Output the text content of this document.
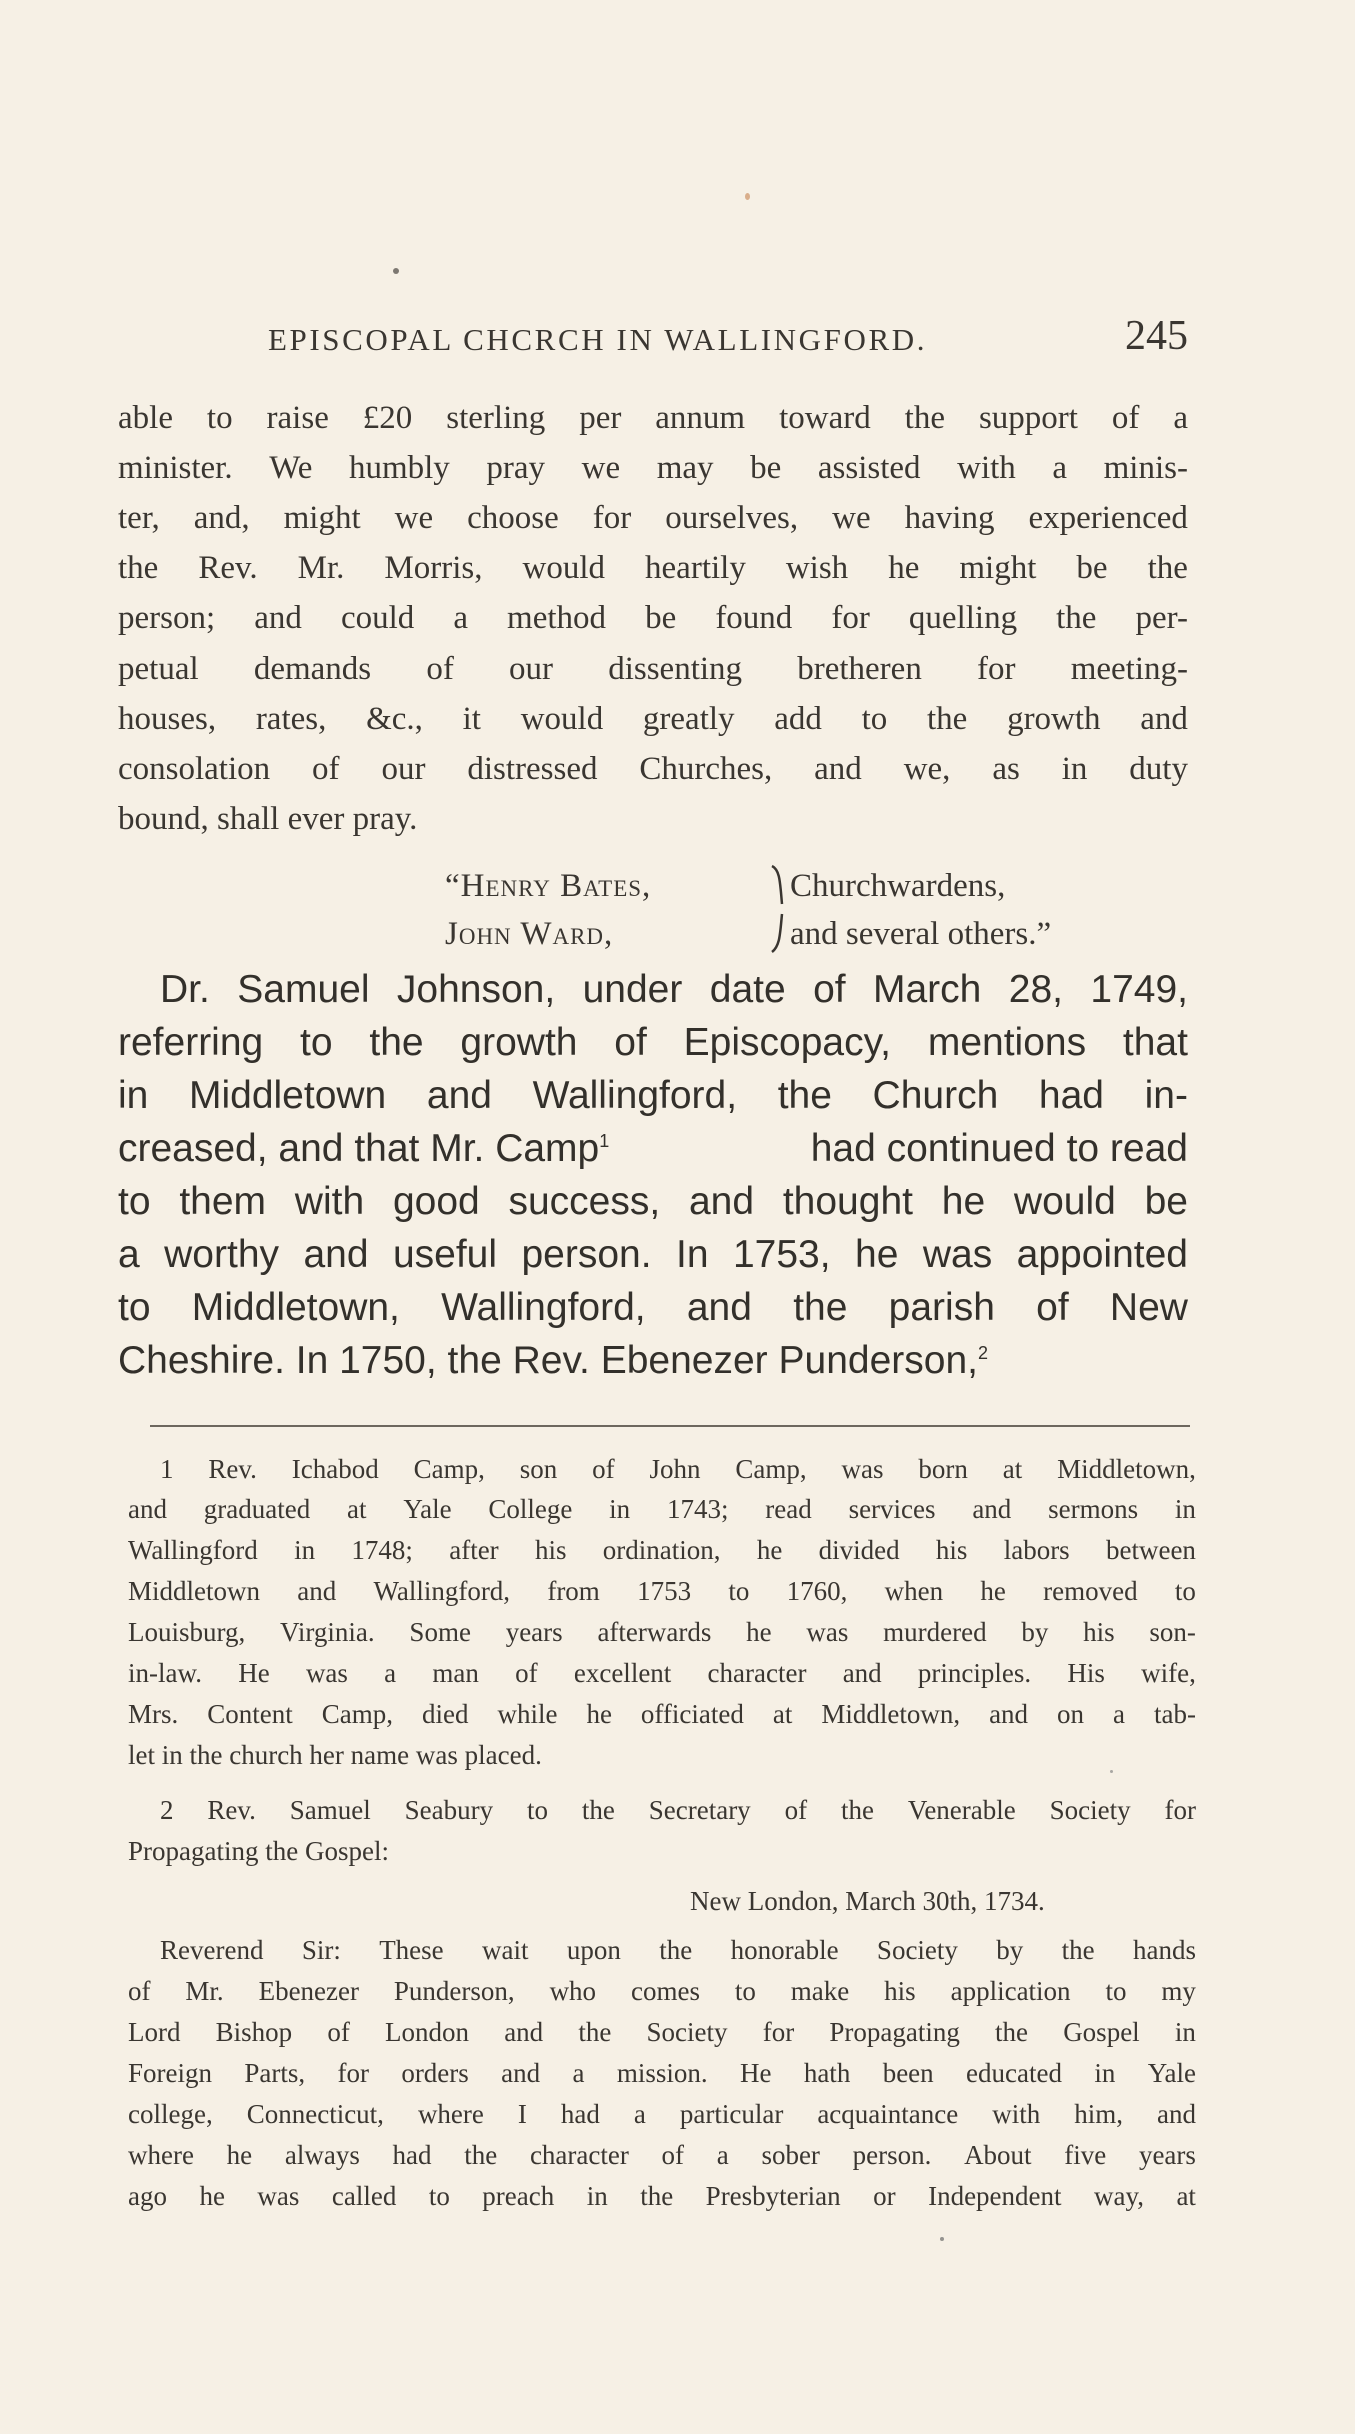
EPISCOPAL CHCRCH IN WALLINGFORD.	245
able to raise £20 sterling per annum toward the support of a
minister. We humbly pray we may be assisted with a minis-
ter, and, might we choose for ourselves, we having experienced
the Rev. Mr. Morris, would heartily wish he might be the
person; and could a method be found for quelling the per-
petual demands of our dissenting bretheren for meeting-
houses, rates, &c., it would greatly add to the growth and
consolation of our distressed Churches, and we, as in duty
bound, shall ever pray.
“Henry Bates,
John Ward,
Churchwardens,
and several others.”
Dr. Samuel Johnson, under date of March 28, 1749,
referring to the growth of Episcopacy, mentions that
in Middletown and Wallingford, the Church had in-
creased, and that Mr. Camp$^1$	had continued to read
to them with good success, and thought he would be
a worthy and useful person. In 1753, he was appointed
to Middletown, Wallingford, and the parish of New
Cheshire. In 1750, the Rev. Ebenezer Punderson,$^2$
1 Rev. Ichabod Camp, son of John Camp, was born at Middletown,
and graduated at Yale College in 1743; read services and sermons in
Wallingford in 1748; after his ordination, he divided his labors between
Middletown and Wallingford, from 1753 to 1760, when he removed to
Louisburg, Virginia. Some years afterwards he was murdered by his son-
in-law. He was a man of excellent character and principles. His wife,
Mrs. Content Camp, died while he officiated at Middletown, and on a tab-
let in the church her name was placed.
2 Rev. Samuel Seabury to the Secretary of the Venerable Society for
Propagating the Gospel:
New London, March 30th, 1734.
Reverend Sir: These wait upon the honorable Society by the hands
of Mr. Ebenezer Punderson, who comes to make his application to my
Lord Bishop of London and the Society for Propagating the Gospel in
Foreign Parts, for orders and a mission. He hath been educated in Yale
college, Connecticut, where I had a particular acquaintance with him, and
where he always had the character of a sober person. About five years
ago he was called to preach in the Presbyterian or Independent way, at
